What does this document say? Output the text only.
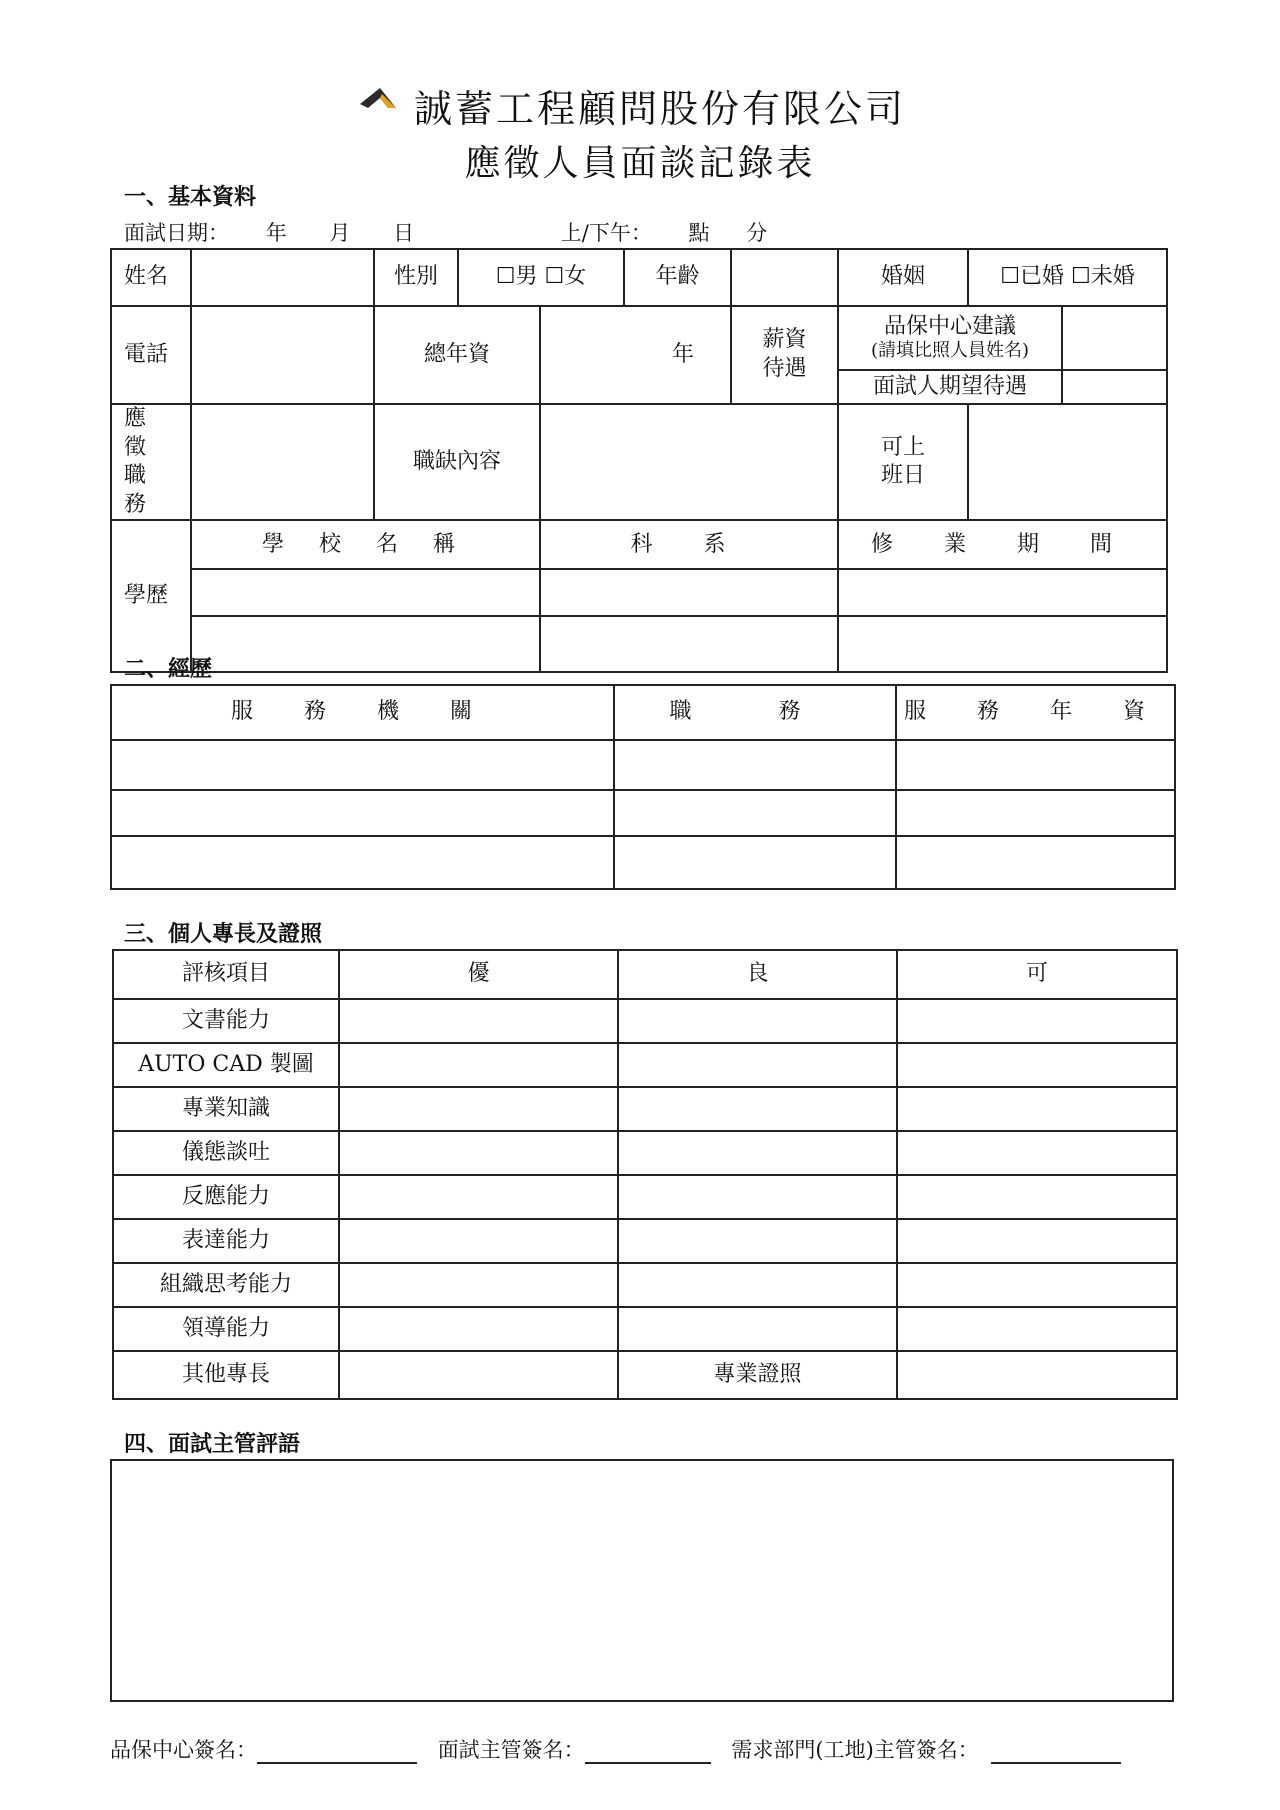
誠蓄工程顧問股份有限公司
應徵人員面談記錄表
一、基本資料
面試日期： 年 月 日	上/下午： 點 分
姓名		性別	☐男 ☐女		年齡		婚姻	☐已婚 ☐未婚	
電話		總年資		年		薪資待遇	品保中心建議
(請填比照人員姓名)		

							面試人期望待遇		
應徵職務		職缺內容					可上班日		
學歷	學 校 名 稱			科 系			修 業 期 間		

二、經歷
服 務 機 關	職 務	服 務 年 資

三、個人專長及證照
評核項目	優	良	可
文書能力			
AUTO CAD 製圖			
專業知識			
儀態談吐			
反應能力			
表達能力			
組織思考能力			
領導能力			
其他專長		專業證照	
四、面試主管評語
品保中心簽名：	面試主管簽名：	需求部門(工地)主管簽名：
